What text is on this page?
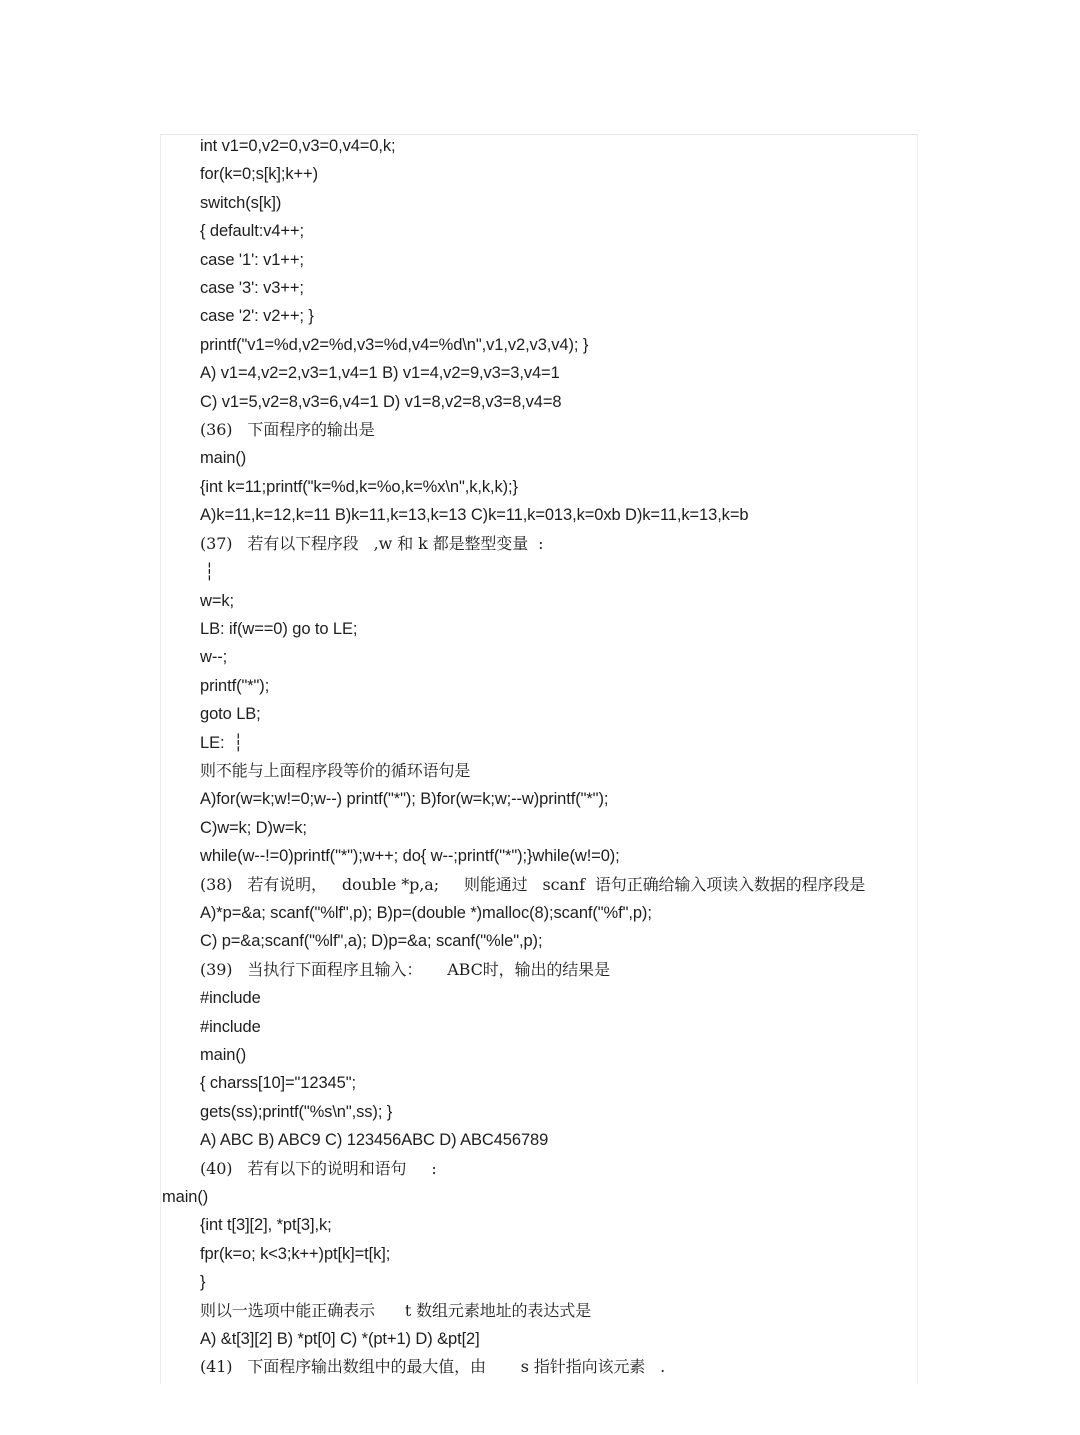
int v1=0,v2=0,v3=0,v4=0,k;
for(k=0;s[k];k++)
switch(s[k])
{ default:v4++;
case '1': v1++;
case '3': v3++;
case '2': v2++; }
printf("v1=%d,v2=%d,v3=%d,v4=%d\n",v1,v2,v3,v4); }
A) v1=4,v2=2,v3=1,v4=1 B) v1=4,v2=9,v3=3,v4=1
C) v1=5,v2=8,v3=6,v4=1 D) v1=8,v2=8,v3=8,v4=8
(36)   下面程序的输出是
main()
{int k=11;printf("k=%d,k=%o,k=%x\n",k,k,k);}
A)k=11,k=12,k=11 B)k=11,k=13,k=13 C)k=11,k=013,k=0xb D)k=11,k=13,k=b
(37)   若有以下程序段   ,w 和 k 都是整型变量  :
┆
w=k;
LB: if(w==0) go to LE;
w--;
printf("*");
goto LB;
LE:  ┆
则不能与上面程序段等价的循环语句是
A)for(w=k;w!=0;w--) printf("*"); B)for(w=k;w;--w)printf("*");
C)w=k; D)w=k;
while(w--!=0)printf("*");w++; do{ w--;printf("*");}while(w!=0);
(38)   若有说明，   double *p,a;     则能通过   scanf  语句正确给输入项读入数据的程序段是
A)*p=&a; scanf("%lf",p); B)p=(double *)malloc(8);scanf("%f",p);
C) p=&a;scanf("%lf",a); D)p=&a; scanf("%le",p);
(39)   当执行下面程序且输入：     ABC时，输出的结果是
#include
#include
main()
{ charss[10]="12345";
gets(ss);printf("%s\n",ss); }
A) ABC B) ABC9 C) 123456ABC D) ABC456789
(40)   若有以下的说明和语句     :
main()
{int t[3][2], *pt[3],k;
fpr(k=o; k<3;k++)pt[k]=t[k];
}
则以一选项中能正确表示      t 数组元素地址的表达式是
A) &t[3][2] B) *pt[0] C) *(pt+1) D) &pt[2]
(41)   下面程序输出数组中的最大值，由       s 指针指向该元素   .
